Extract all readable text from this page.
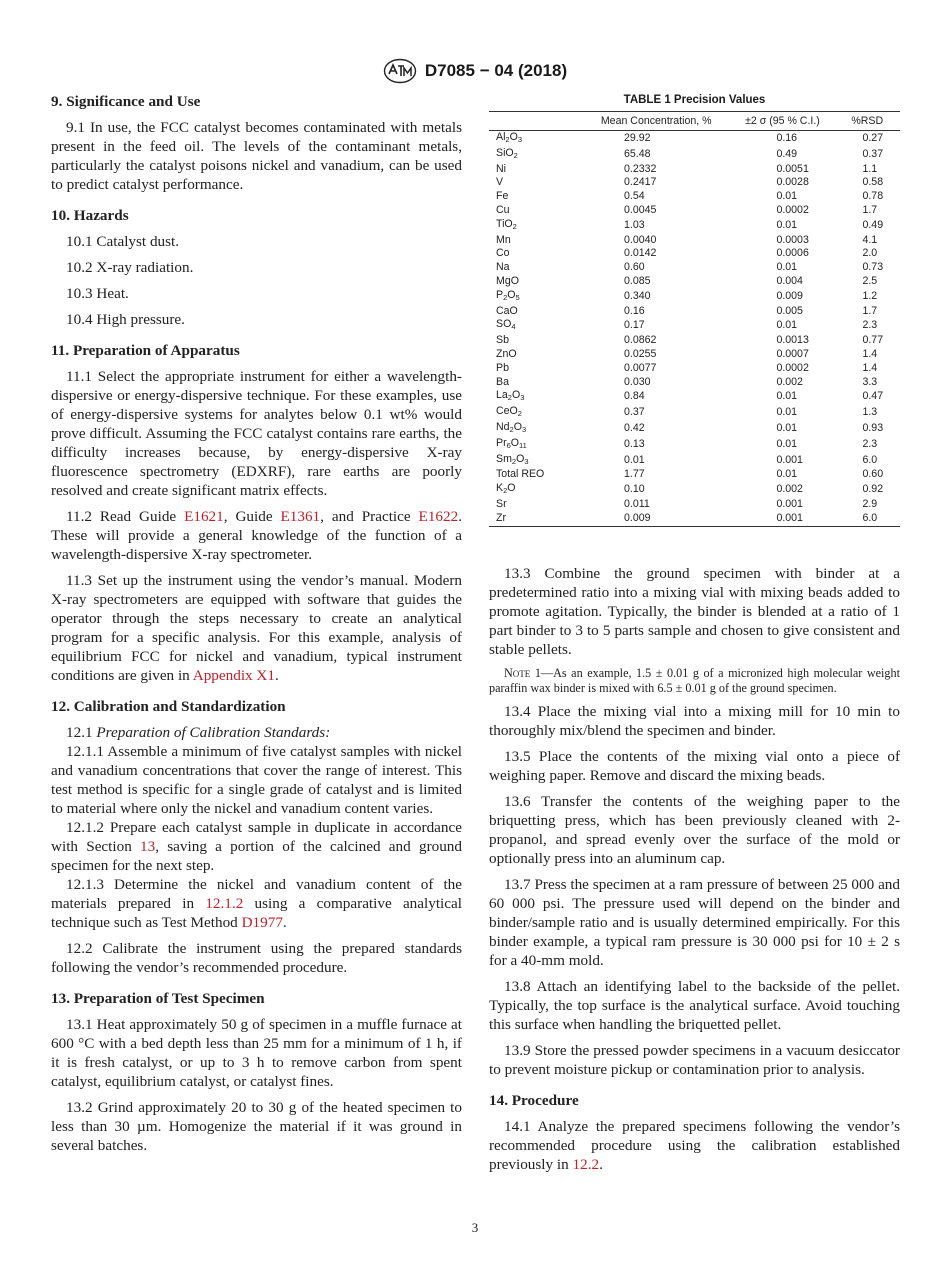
D7085 − 04 (2018)
9. Significance and Use
9.1 In use, the FCC catalyst becomes contaminated with metals present in the feed oil. The levels of the contaminant metals, particularly the catalyst poisons nickel and vanadium, can be used to predict catalyst performance.
10. Hazards
10.1 Catalyst dust.
10.2 X-ray radiation.
10.3 Heat.
10.4 High pressure.
11. Preparation of Apparatus
11.1 Select the appropriate instrument for either a wavelength-dispersive or energy-dispersive technique. For these examples, use of energy-dispersive systems for analytes below 0.1 wt% would prove difficult. Assuming the FCC catalyst contains rare earths, the difficulty increases because, by energy-dispersive X-ray fluorescence spectrometry (EDXRF), rare earths are poorly resolved and create significant matrix effects.
11.2 Read Guide E1621, Guide E1361, and Practice E1622. These will provide a general knowledge of the function of a wavelength-dispersive X-ray spectrometer.
11.3 Set up the instrument using the vendor’s manual. Modern X-ray spectrometers are equipped with software that guides the operator through the steps necessary to create an analytical program for a specific analysis. For this example, analysis of equilibrium FCC for nickel and vanadium, typical instrument conditions are given in Appendix X1.
12. Calibration and Standardization
12.1 Preparation of Calibration Standards:
12.1.1 Assemble a minimum of five catalyst samples with nickel and vanadium concentrations that cover the range of interest. This test method is specific for a single grade of catalyst and is limited to material where only the nickel and vanadium content varies.
12.1.2 Prepare each catalyst sample in duplicate in accordance with Section 13, saving a portion of the calcined and ground specimen for the next step.
12.1.3 Determine the nickel and vanadium content of the materials prepared in 12.1.2 using a comparative analytical technique such as Test Method D1977.
12.2 Calibrate the instrument using the prepared standards following the vendor’s recommended procedure.
13. Preparation of Test Specimen
13.1 Heat approximately 50 g of specimen in a muffle furnace at 600 °C with a bed depth less than 25 mm for a minimum of 1 h, if it is fresh catalyst, or up to 3 h to remove carbon from spent catalyst, equilibrium catalyst, or catalyst fines.
13.2 Grind approximately 20 to 30 g of the heated specimen to less than 30 µm. Homogenize the material if it was ground in several batches.
TABLE 1 Precision Values
	Mean Concentration, %	±2 σ (95 % C.I.)	%RSD
$Al_2O_3$	29.92	0.16	0.27
SiO$_2$	65.48	0.49	0.37
Ni	0.2332	0.0051	1.1
V	0.2417	0.0028	0.58
Fe	0.54	0.01	0.78
Cu	0.0045	0.0002	1.7
TiO$_2$	1.03	0.01	0.49
Mn	0.0040	0.0003	4.1
Co	0.0142	0.0006	2.0
Na	0.60	0.01	0.73
MgO	0.085	0.004	2.5
$P_2O_5$	0.340	0.009	1.2
CaO	0.16	0.005	1.7
$SO_4$	0.17	0.01	2.3
Sb	0.0862	0.0013	0.77
ZnO	0.0255	0.0007	1.4
Pb	0.0077	0.0002	1.4
Ba	0.030	0.002	3.3
$La_2O_3$	0.84	0.01	0.47
CeO$_2$	0.37	0.01	1.3
$Nd_2O_3$	0.42	0.01	0.93
$Pr_6O_{11}$	0.13	0.01	2.3
$Sm_2O_3$	0.01	0.001	6.0
Total REO	1.77	0.01	0.60
$K_2O$	0.10	0.002	0.92
Sr	0.011	0.001	2.9
Zr	0.009	0.001	6.0
13.3 Combine the ground specimen with binder at a predetermined ratio into a mixing vial with mixing beads added to promote agitation. Typically, the binder is blended at a ratio of 1 part binder to 3 to 5 parts sample and chosen to give consistent and stable pellets.
Note 1—As an example, 1.5 ± 0.01 g of a micronized high molecular weight paraffin wax binder is mixed with 6.5 ± 0.01 g of the ground specimen.
13.4 Place the mixing vial into a mixing mill for 10 min to thoroughly mix/blend the specimen and binder.
13.5 Place the contents of the mixing vial onto a piece of weighing paper. Remove and discard the mixing beads.
13.6 Transfer the contents of the weighing paper to the briquetting press, which has been previously cleaned with 2-propanol, and spread evenly over the surface of the mold or optionally press into an aluminum cap.
13.7 Press the specimen at a ram pressure of between 25 000 and 60 000 psi. The pressure used will depend on the binder and binder/sample ratio and is usually determined empirically. For this binder example, a typical ram pressure is 30 000 psi for 10 ± 2 s for a 40-mm mold.
13.8 Attach an identifying label to the backside of the pellet. Typically, the top surface is the analytical surface. Avoid touching this surface when handling the briquetted pellet.
13.9 Store the pressed powder specimens in a vacuum desiccator to prevent moisture pickup or contamination prior to analysis.
14. Procedure
14.1 Analyze the prepared specimens following the vendor’s recommended procedure using the calibration established previously in 12.2.
3
